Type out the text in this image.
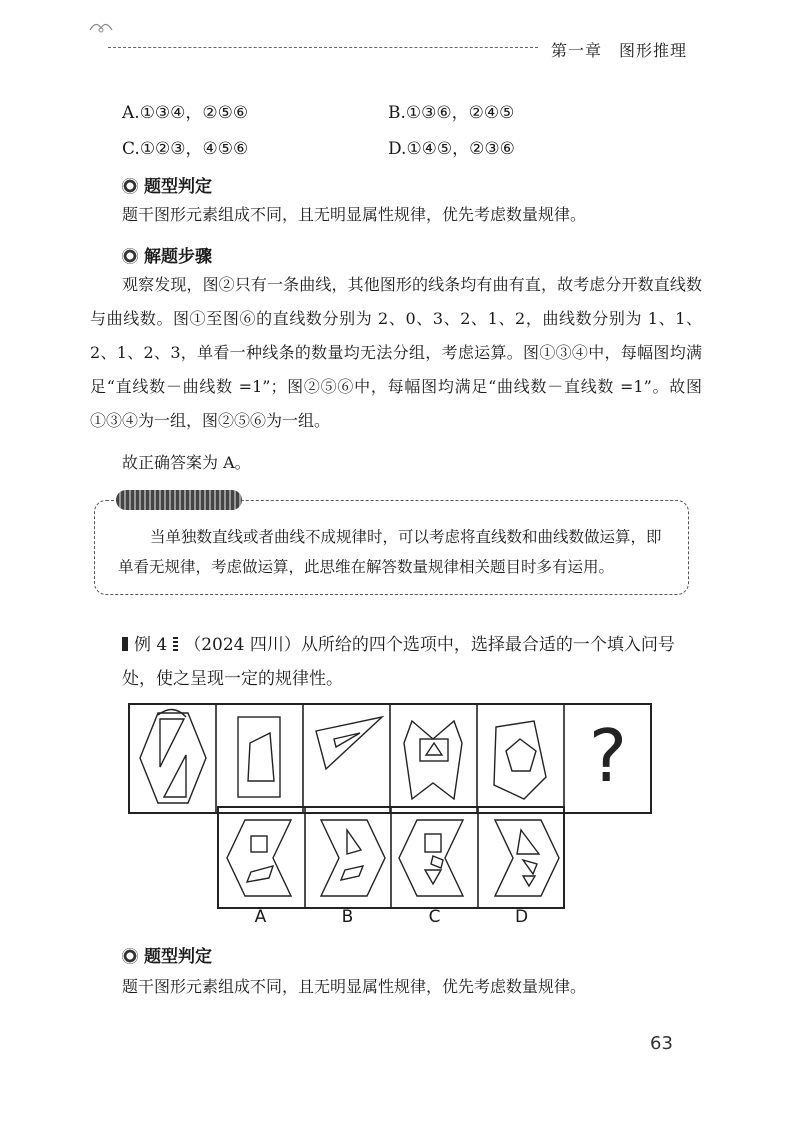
第一章　图形推理
A.①③④，②⑤⑥	B.①③⑥，②④⑤
C.①②③，④⑤⑥	D.①④⑤，②③⑥
题型判定
题干图形元素组成不同，且无明显属性规律，优先考虑数量规律。
解题步骤
观察发现，图②只有一条曲线，其他图形的线条均有曲有直，故考虑分开数直线数与曲线数。图①至图⑥的直线数分别为 2、0、3、2、1、2，曲线数分别为 1、1、2、1、2、3，单看一种线条的数量均无法分组，考虑运算。图①③④中，每幅图均满足“直线数－曲线数 =1”；图②⑤⑥中，每幅图均满足“曲线数－直线数 =1”。故图①③④为一组，图②⑤⑥为一组。
故正确答案为 A。
当单独数直线或者曲线不成规律时，可以考虑将直线数和曲线数做运算，即单看无规律，考虑做运算，此思维在解答数量规律相关题目时多有运用。
例 4 （2024 四川）从所给的四个选项中，选择最合适的一个填入问号处，使之呈现一定的规律性。
?
A	B	C	D
题型判定
题干图形元素组成不同，且无明显属性规律，优先考虑数量规律。
63
